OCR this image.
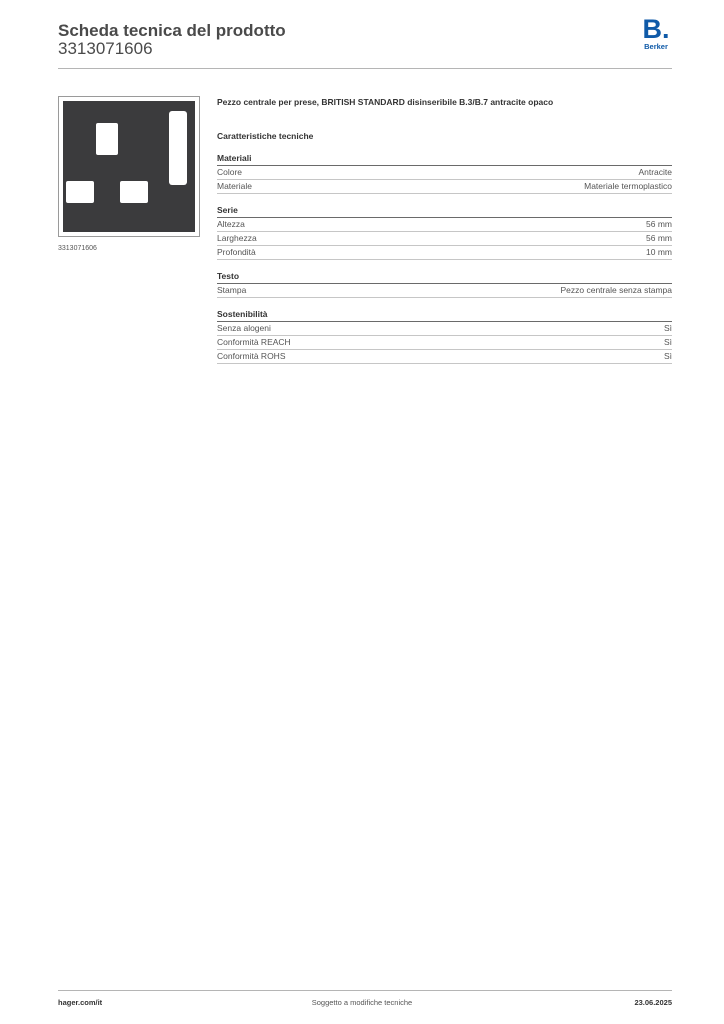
Scheda tecnica del prodotto
3313071606
B.
Berker
3313071606
Pezzo centrale per prese, BRITISH STANDARD disinseribile B.3/B.7 antracite opaco
Caratteristiche tecniche
Materiali
Colore	Antracite
Materiale	Materiale termoplastico
Serie
Altezza	56 mm
Larghezza	56 mm
Profondità	10 mm
Testo
Stampa	Pezzo centrale senza stampa
Sostenibilità
Senza alogeni	Sì
Conformità REACH	Sì
Conformità ROHS	Sì
hager.com/it	Soggetto a modifiche tecniche	23.06.2025
